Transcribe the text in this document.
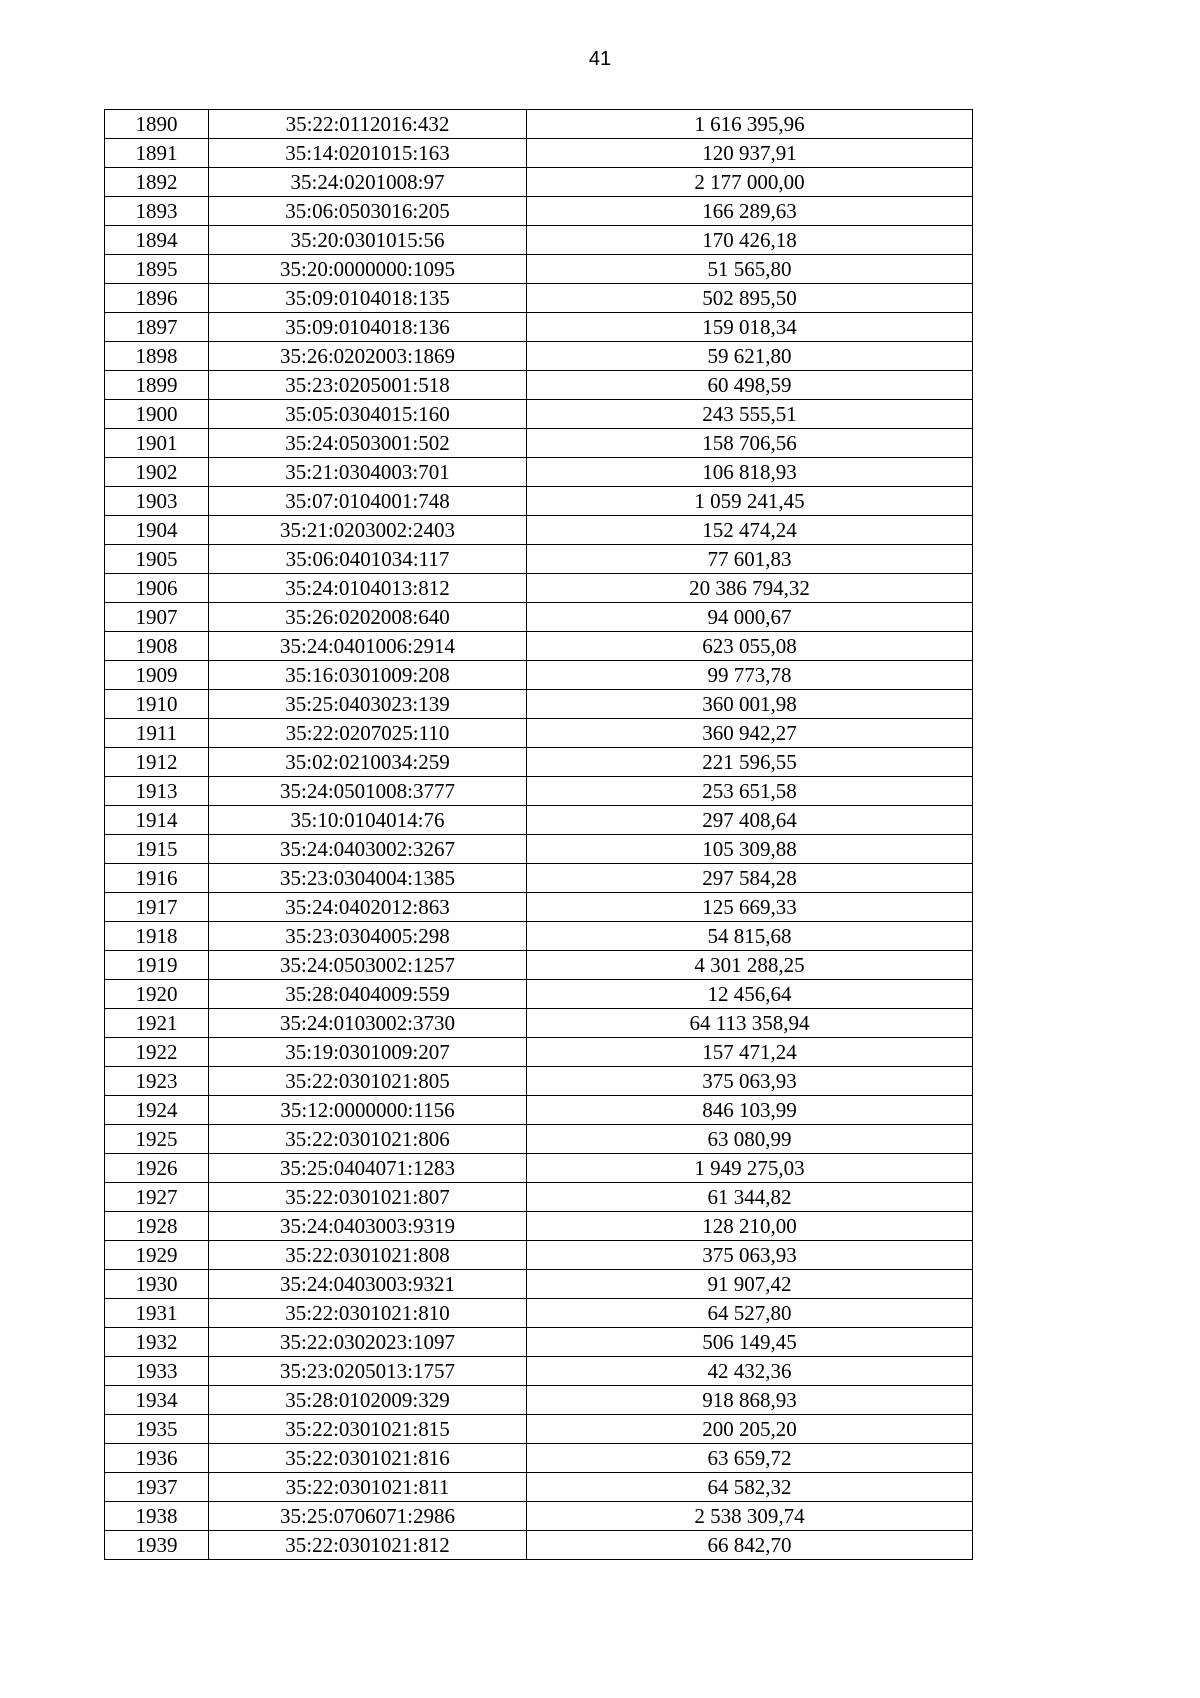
41
1890	35:22:0112016:432	1 616 395,96
1891	35:14:0201015:163	120 937,91
1892	35:24:0201008:97	2 177 000,00
1893	35:06:0503016:205	166 289,63
1894	35:20:0301015:56	170 426,18
1895	35:20:0000000:1095	51 565,80
1896	35:09:0104018:135	502 895,50
1897	35:09:0104018:136	159 018,34
1898	35:26:0202003:1869	59 621,80
1899	35:23:0205001:518	60 498,59
1900	35:05:0304015:160	243 555,51
1901	35:24:0503001:502	158 706,56
1902	35:21:0304003:701	106 818,93
1903	35:07:0104001:748	1 059 241,45
1904	35:21:0203002:2403	152 474,24
1905	35:06:0401034:117	77 601,83
1906	35:24:0104013:812	20 386 794,32
1907	35:26:0202008:640	94 000,67
1908	35:24:0401006:2914	623 055,08
1909	35:16:0301009:208	99 773,78
1910	35:25:0403023:139	360 001,98
1911	35:22:0207025:110	360 942,27
1912	35:02:0210034:259	221 596,55
1913	35:24:0501008:3777	253 651,58
1914	35:10:0104014:76	297 408,64
1915	35:24:0403002:3267	105 309,88
1916	35:23:0304004:1385	297 584,28
1917	35:24:0402012:863	125 669,33
1918	35:23:0304005:298	54 815,68
1919	35:24:0503002:1257	4 301 288,25
1920	35:28:0404009:559	12 456,64
1921	35:24:0103002:3730	64 113 358,94
1922	35:19:0301009:207	157 471,24
1923	35:22:0301021:805	375 063,93
1924	35:12:0000000:1156	846 103,99
1925	35:22:0301021:806	63 080,99
1926	35:25:0404071:1283	1 949 275,03
1927	35:22:0301021:807	61 344,82
1928	35:24:0403003:9319	128 210,00
1929	35:22:0301021:808	375 063,93
1930	35:24:0403003:9321	91 907,42
1931	35:22:0301021:810	64 527,80
1932	35:22:0302023:1097	506 149,45
1933	35:23:0205013:1757	42 432,36
1934	35:28:0102009:329	918 868,93
1935	35:22:0301021:815	200 205,20
1936	35:22:0301021:816	63 659,72
1937	35:22:0301021:811	64 582,32
1938	35:25:0706071:2986	2 538 309,74
1939	35:22:0301021:812	66 842,70
